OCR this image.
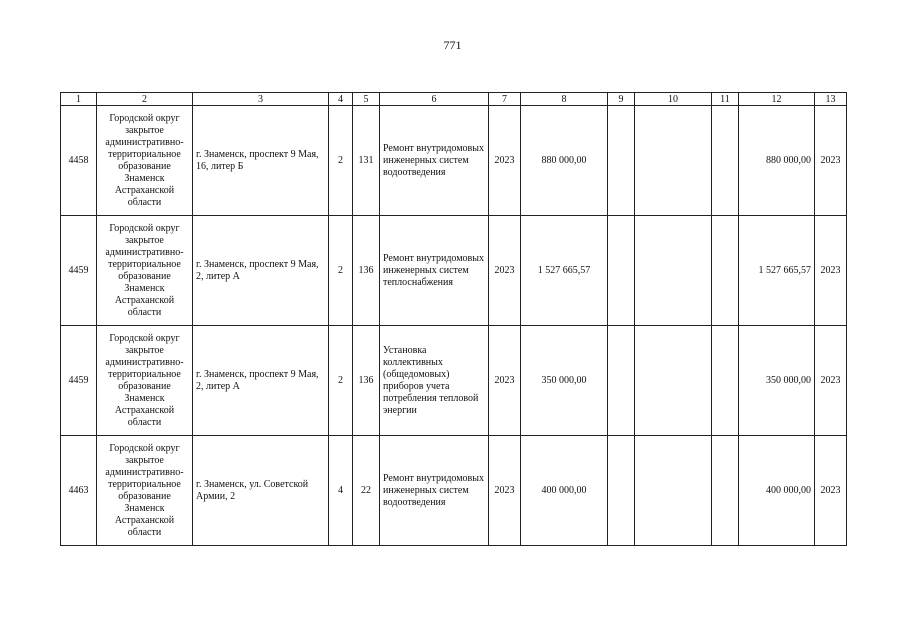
771
1	2	3	4	5	6	7	8	9	10	11	12	13
4458	Городской округ закрытое административно-территориальное образование Знаменск Астраханской области	г. Знаменск, проспект 9 Мая, 16, литер Б	2	131	Ремонт внутридомовых инженерных систем водоотведения	2023	880 000,00				880 000,00	2023
4459	Городской округ закрытое административно-территориальное образование Знаменск Астраханской области	г. Знаменск, проспект 9 Мая, 2, литер А	2	136	Ремонт внутридомовых инженерных систем теплоснабжения	2023	1 527 665,57				1 527 665,57	2023
4459	Городской округ закрытое административно-территориальное образование Знаменск Астраханской области	г. Знаменск, проспект 9 Мая, 2, литер А	2	136	Установка коллективных (общедомовых) приборов учета потребления тепловой энергии	2023	350 000,00				350 000,00	2023
4463	Городской округ закрытое административно-территориальное образование Знаменск Астраханской области	г. Знаменск, ул. Советской Армии, 2	4	22	Ремонт внутридомовых инженерных систем водоотведения	2023	400 000,00				400 000,00	2023
